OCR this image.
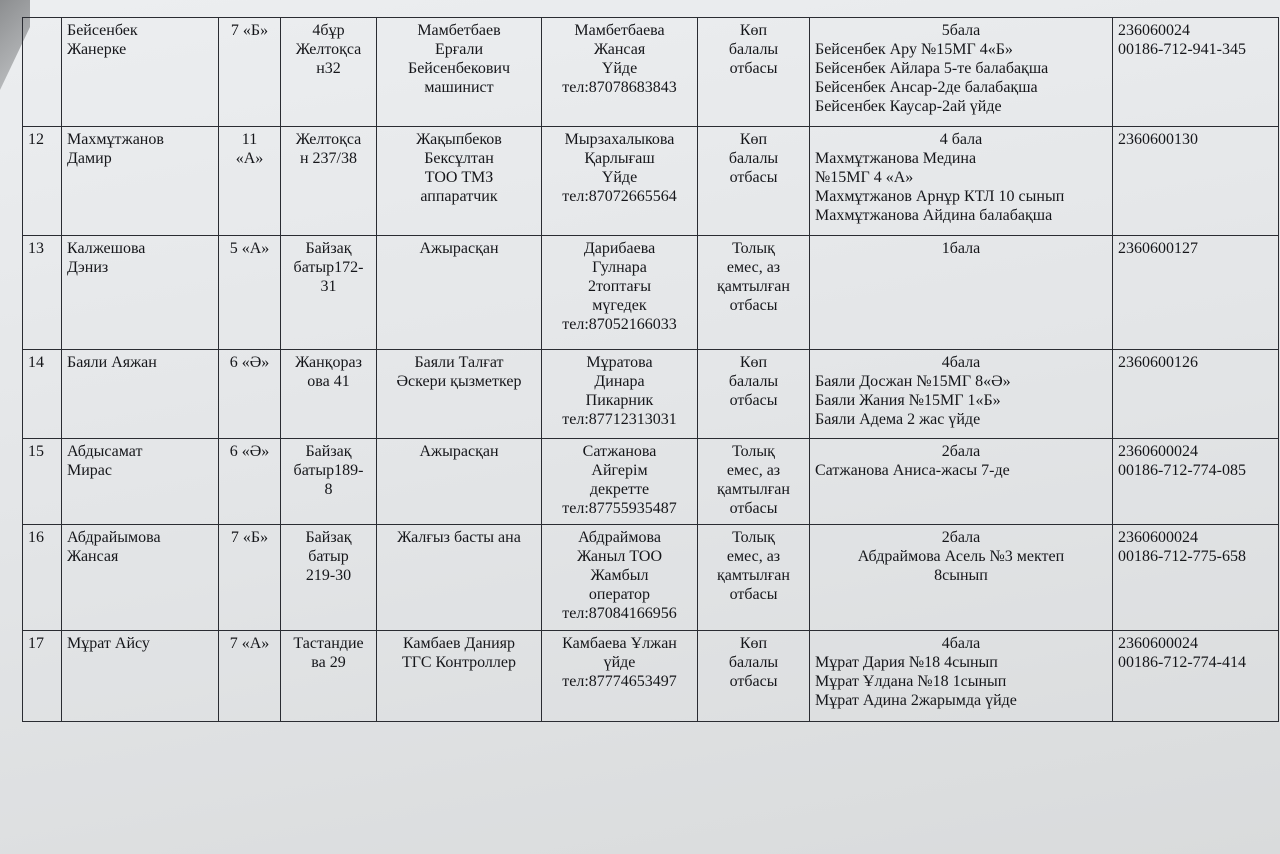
	Бейсенбек
Жанерке	7 «Б»	4бұр
Желтоқса
н32	Мамбетбаев
Ерғали
Бейсенбекович
машинист	Мамбетбаева
Жансая
Үйде
тел:87078683843	Көп
балалы
отбасы	5бала
Бейсенбек Ару №15МГ 4«Б»
Бейсенбек Айлара 5-те балабақша
Бейсенбек Ансар-2де балабақша
Бейсенбек Каусар-2ай үйде	236060024
00186-712-941-345

12	Махмұтжанов
Дамир	11
«А»	Желтоқса
н 237/38	Жақыпбеков
Бексұлтан
ТОО ТМЗ
аппаратчик	Мырзахалыкова
Қарлығаш
Үйде
тел:87072665564	Көп
балалы
отбасы	4 бала
Махмұтжанова Медина
№15МГ 4 «А»
Махмұтжанов Арнұр КТЛ 10 сынып
Махмұтжанова Айдина балабақша	2360600130

13	Калжешова
Дэниз	5 «А»	Байзақ
батыр172-
31	Ажырасқан	Дарибаева
Гулнара
2топтағы
мүгедек
тел:87052166033	Толық
емес, аз
қамтылған
отбасы	1бала	2360600127

14	Баяли Аяжан	6 «Ә»	Жанқораз
ова 41	Баяли Талғат
Әскери қызметкер	Мұратова
Динара
Пикарник
тел:87712313031	Көп
балалы
отбасы	4бала
Баяли Досжан №15МГ 8«Ә»
Баяли Жания №15МГ 1«Б»
Баяли Адема 2 жас үйде	2360600126

15	Абдысамат
Мирас	6 «Ә»	Байзақ
батыр189-
8	Ажырасқан	Сатжанова
Айгерім
декретте
тел:87755935487	Толық
емес, аз
қамтылған
отбасы	2бала
Сатжанова Аниса-жасы 7-де	2360600024
00186-712-774-085

16	Абдрайымова
Жансая	7 «Б»	Байзақ
батыр
219-30	Жалғыз басты ана	Абдраймова
Жаныл ТОО
Жамбыл
оператор
тел:87084166956	Толық
емес, аз
қамтылған
отбасы	2бала
Абдраймова Асель №3 мектеп
8сынып	2360600024
00186-712-775-658

17	Мұрат Айсу	7 «А»	Тастандие
ва 29	Камбаев Данияр
ТГС Контроллер	Камбаева Ұлжан
үйде
тел:87774653497	Көп
балалы
отбасы	4бала
Мұрат Дария №18 4сынып
Мұрат Ұлдана №18 1сынып
Мұрат Адина 2жарымда үйде	2360600024
00186-712-774-414
